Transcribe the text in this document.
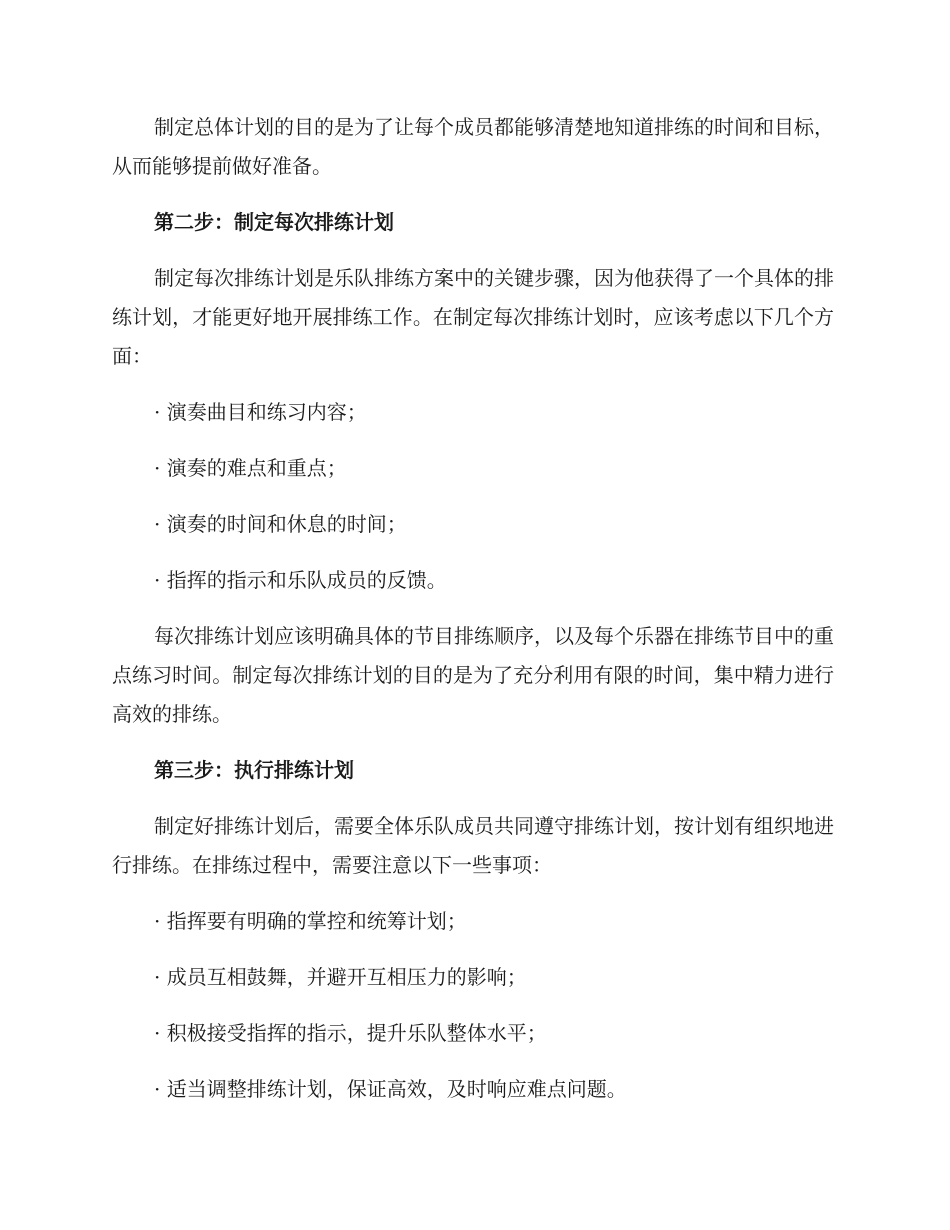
制定总体计划的目的是为了让每个成员都能够清楚地知道排练的时间和目标，从而能够提前做好准备。

第二步：制定每次排练计划

制定每次排练计划是乐队排练方案中的关键步骤，因为他获得了一个具体的排练计划，才能更好地开展排练工作。在制定每次排练计划时，应该考虑以下几个方面：

· 演奏曲目和练习内容；

· 演奏的难点和重点；

· 演奏的时间和休息的时间；

· 指挥的指示和乐队成员的反馈。

每次排练计划应该明确具体的节目排练顺序，以及每个乐器在排练节目中的重点练习时间。制定每次排练计划的目的是为了充分利用有限的时间，集中精力进行高效的排练。

第三步：执行排练计划

制定好排练计划后，需要全体乐队成员共同遵守排练计划，按计划有组织地进行排练。在排练过程中，需要注意以下一些事项：

· 指挥要有明确的掌控和统筹计划；

· 成员互相鼓舞，并避开互相压力的影响；

· 积极接受指挥的指示，提升乐队整体水平；

· 适当调整排练计划，保证高效，及时响应难点问题。
